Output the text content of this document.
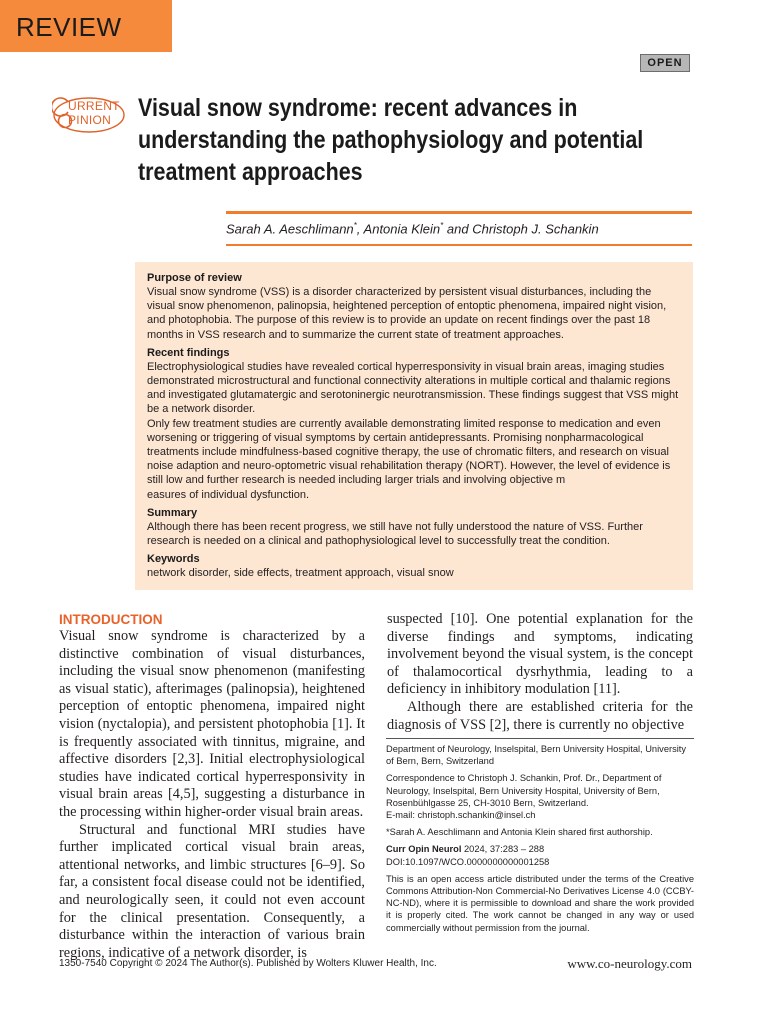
REVIEW
OPEN
URRENT
PINION Visual snow syndrome: recent advances in understanding the pathophysiology and potential treatment approaches
Sarah A. Aeschlimann*, Antonia Klein* and Christoph J. Schankin
Purpose of review

Visual snow syndrome (VSS) is a disorder characterized by persistent visual disturbances, including the visual snow phenomenon, palinopsia, heightened perception of entoptic phenomena, impaired night vision, and photophobia. The purpose of this review is to provide an update on recent findings over the past 18 months in VSS research and to summarize the current state of treatment approaches.

Recent findings

Electrophysiological studies have revealed cortical hyperresponsivity in visual brain areas, imaging studies demonstrated microstructural and functional connectivity alterations in multiple cortical and thalamic regions and investigated glutamatergic and serotoninergic neurotransmission. These findings suggest that VSS might be a network disorder.

Only few treatment studies are currently available demonstrating limited response to medication and even worsening or triggering of visual symptoms by certain antidepressants. Promising nonpharmacological treatments include mindfulness-based cognitive therapy, the use of chromatic filters, and research on visual noise adaption and neuro-optometric visual rehabilitation therapy (NORT). However, the level of evidence is still low and further research is needed including larger trials and involving objective m
easures of individual dysfunction.

Summary

Although there has been recent progress, we still have not fully understood the nature of VSS. Further research is needed on a clinical and pathophysiological level to successfully treat the condition.

Keywords

network disorder, side effects, treatment approach, visual snow

INTRODUCTION

Visual snow syndrome is characterized by a distinctive combination of visual disturbances, including the visual snow phenomenon (manifesting as visual static), afterimages (palinopsia), heightened perception of entoptic phenomena, impaired night vision (nyctalopia), and persistent photophobia [1]. It is frequently associated with tinnitus, migraine, and affective disorders [2,3]. Initial electrophysiological studies have indicated cortical hyperresponsivity in visual brain areas [4,5], suggesting a disturbance in the processing within higher-order visual brain areas.

Structural and functional MRI studies have further implicated cortical visual brain areas, attentional networks, and limbic structures [6–9]. So far, a consistent focal disease could not be identified, and neurologically seen, it could not even account for the clinical presentation. Consequently, a disturbance within the interaction of various brain regions, indicative of a network disorder, is

suspected [10]. One potential explanation for the diverse findings and symptoms, indicating involvement beyond the visual system, is the concept of thalamocortical dysrhythmia, leading to a deficiency in inhibitory modulation [11].

Although there are established criteria for the diagnosis of VSS [2], there is currently no objective

Department of Neurology, Inselspital, Bern University Hospital, University of Bern, Bern, Switzerland

Correspondence to Christoph J. Schankin, Prof. Dr., Department of Neurology, Inselspital, Bern University Hospital, University of Bern, Rosenbühlgasse 25, CH-3010 Bern, Switzerland.

E-mail: christoph.schankin@insel.ch

*Sarah A. Aeschlimann and Antonia Klein shared first authorship.

Curr Opin Neurol 2024, 37:283 – 288

DOI:10.1097/WCO.0000000000001258

This is an open access article distributed under the terms of the Creative Commons Attribution-Non Commercial-No Derivatives License 4.0 (CCBY-NC-ND), where it is permissible to download and share the work provided it is properly cited. The work cannot be changed in any way or used commercially without permission from the journal.

1350-7540 Copyright © 2024 The Author(s). Published by Wolters Kluwer Health, Inc.	www.co-neurology.com
